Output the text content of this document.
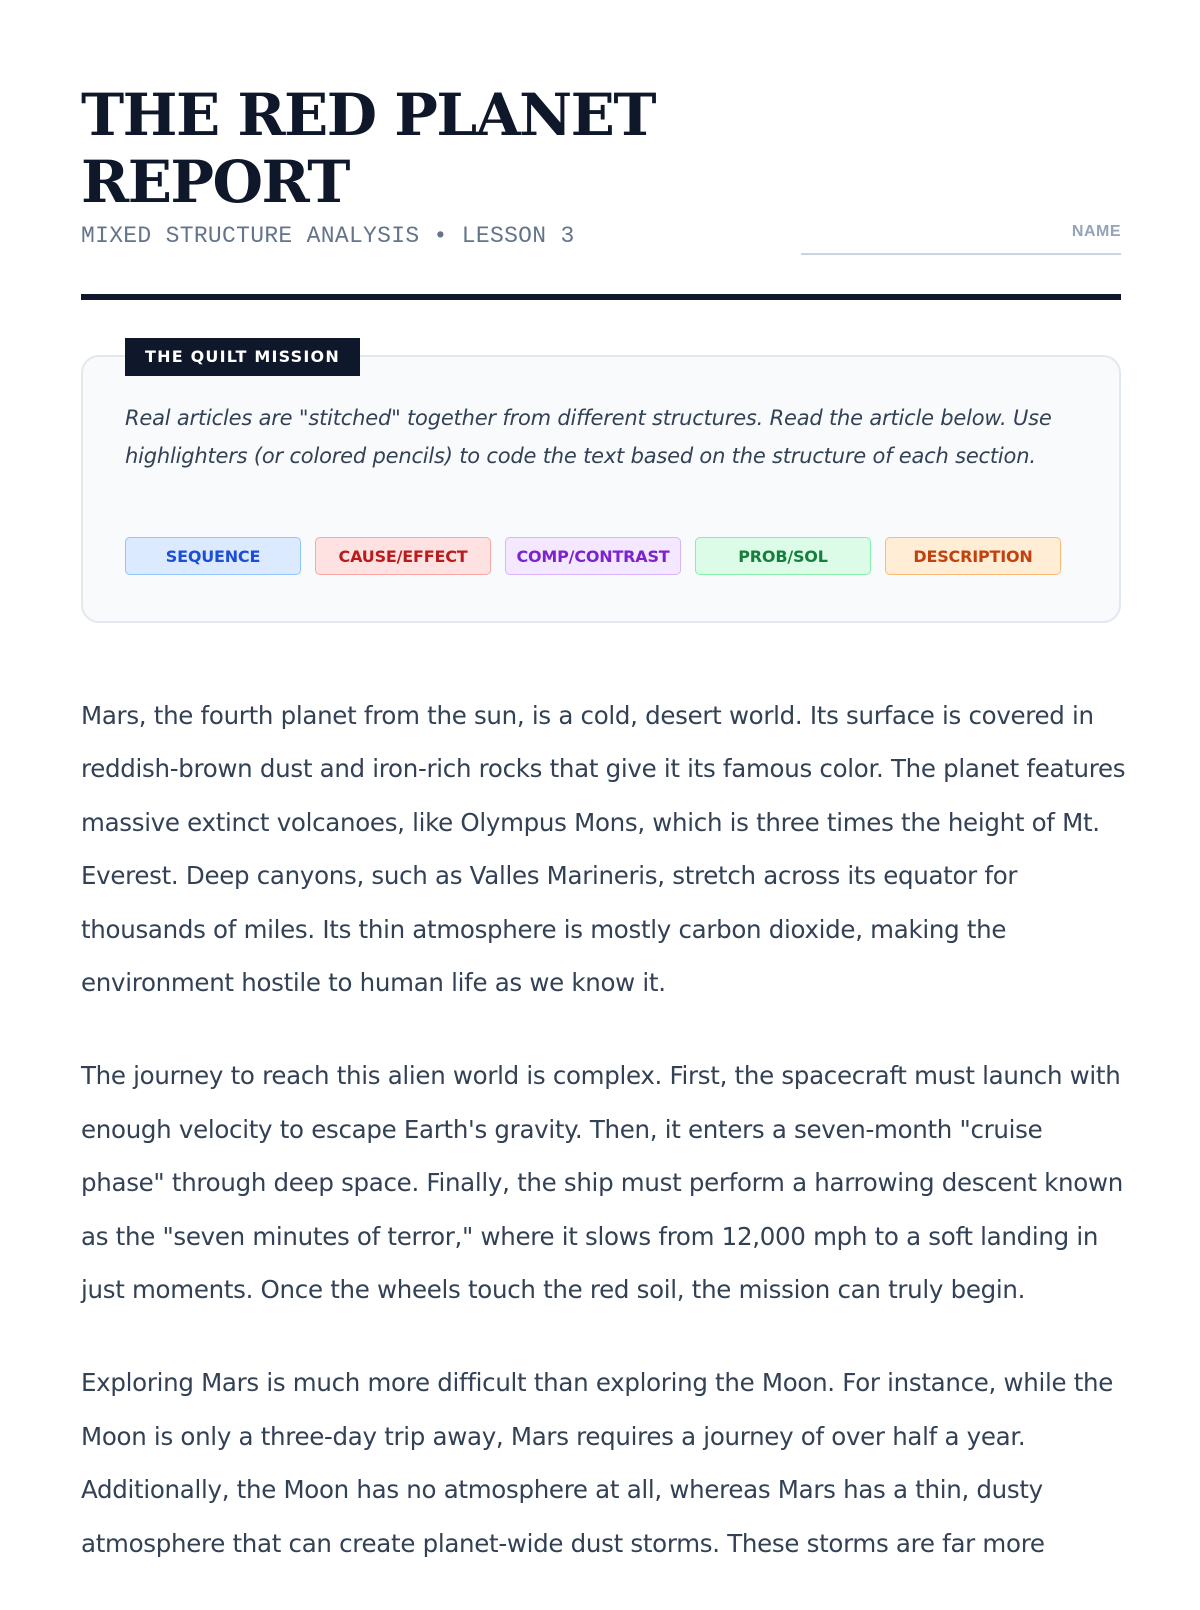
THE RED PLANET REPORT
MIXED STRUCTURE ANALYSIS • LESSON 3	NAME
THE QUILT MISSION

Real articles are "stitched" together from different structures. Read the article below. Use highlighters (or colored pencils) to code the text based on the structure of each section.

SEQUENCE	CAUSE/EFFECT	COMP/CONTRAST	PROB/SOL	DESCRIPTION

Mars, the fourth planet from the sun, is a cold, desert world. Its surface is covered in reddish-brown dust and iron-rich rocks that give it its famous color. The planet features massive extinct volcanoes, like Olympus Mons, which is three times the height of Mt. Everest. Deep canyons, such as Valles Marineris, stretch across its equator for thousands of miles. Its thin atmosphere is mostly carbon dioxide, making the environment hostile to human life as we know it.

The journey to reach this alien world is complex. First, the spacecraft must launch with enough velocity to escape Earth's gravity. Then, it enters a seven-month "cruise phase" through deep space. Finally, the ship must perform a harrowing descent known as the "seven minutes of terror," where it slows from 12,000 mph to a soft landing in just moments. Once the wheels touch the red soil, the mission can truly begin.

Exploring Mars is much more difficult than exploring the Moon. For instance, while the Moon is only a three-day trip away, Mars requires a journey of over half a year. Additionally, the Moon has no atmosphere at all, whereas Mars has a thin, dusty atmosphere that can create planet-wide dust storms. These storms are far more
